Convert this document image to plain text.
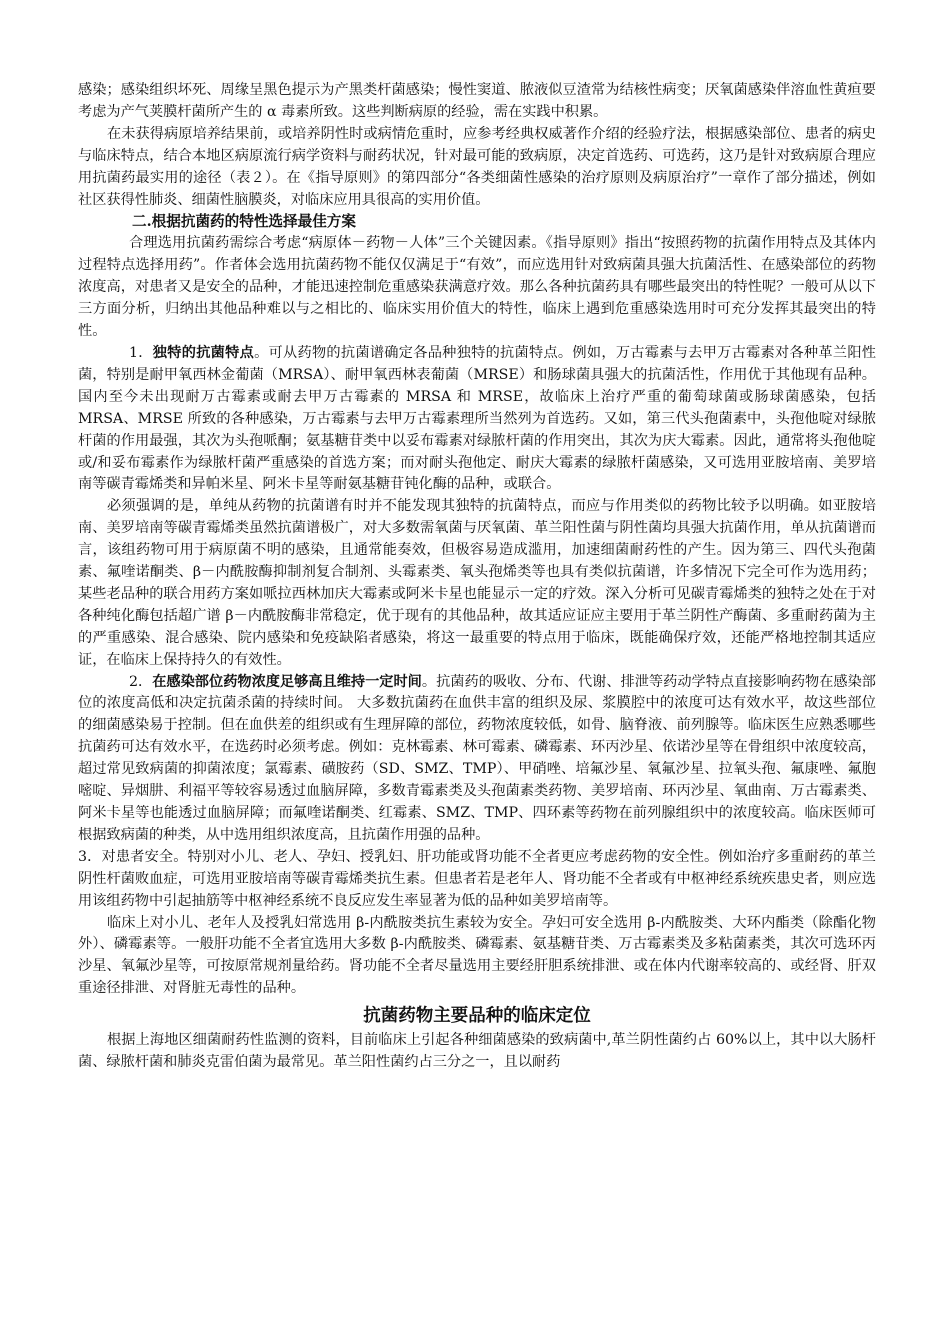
感染；感染组织坏死、周缘呈黑色提示为产黑类杆菌感染；慢性窦道、脓液似豆渣常为结核性病变；厌氧菌感染伴溶血性黄疸要考虑为产气荚膜杆菌所产生的 α 毒素所致。这些判断病原的经验，需在实践中积累。

在未获得病原培养结果前，或培养阴性时或病情危重时，应参考经典权威著作介绍的经验疗法，根据感染部位、患者的病史与临床特点，结合本地区病原流行病学资料与耐药状况，针对最可能的致病原，决定首选药、可选药，这乃是针对致病原合理应用抗菌药最实用的途径（表２）。在《指导原则》的第四部分“各类细菌性感染的治疗原则及病原治疗”一章作了部分描述，例如社区获得性肺炎、细菌性脑膜炎，对临床应用具很高的实用价值。

二.根据抗菌药的特性选择最佳方案

合理选用抗菌药需综合考虑“病原体－药物－人体”三个关键因素。《指导原则》指出“按照药物的抗菌作用特点及其体内过程特点选择用药”。作者体会选用抗菌药物不能仅仅满足于“有效”，而应选用针对致病菌具强大抗菌活性、在感染部位的药物浓度高，对患者又是安全的品种，才能迅速控制危重感染获满意疗效。那么各种抗菌药具有哪些最突出的特性呢？一般可从以下三方面分析，归纳出其他品种难以与之相比的、临床实用价值大的特性，临床上遇到危重感染选用时可充分发挥其最突出的特性。

1．独特的抗菌特点。可从药物的抗菌谱确定各品种独特的抗菌特点。例如，万古霉素与去甲万古霉素对各种革兰阳性菌，特别是耐甲氧西林金葡菌（MRSA）、耐甲氧西林表葡菌（MRSE）和肠球菌具强大的抗菌活性，作用优于其他现有品种。国内至今未出现耐万古霉素或耐去甲万古霉素的 MRSA 和 MRSE，故临床上治疗严重的葡萄球菌或肠球菌感染，包括 MRSA、MRSE 所致的各种感染，万古霉素与去甲万古霉素理所当然列为首选药。又如，第三代头孢菌素中，头孢他啶对绿脓杆菌的作用最强，其次为头孢哌酮；氨基糖苷类中以妥布霉素对绿脓杆菌的作用突出，其次为庆大霉素。因此，通常将头孢他啶或/和妥布霉素作为绿脓杆菌严重感染的首选方案；而对耐头孢他定、耐庆大霉素的绿脓杆菌感染，又可选用亚胺培南、美罗培南等碳青霉烯类和异帕米星、阿米卡星等耐氨基糖苷钝化酶的品种，或联合。

必须强调的是，单纯从药物的抗菌谱有时并不能发现其独特的抗菌特点，而应与作用类似的药物比较予以明确。如亚胺培南、美罗培南等碳青霉烯类虽然抗菌谱极广，对大多数需氧菌与厌氧菌、革兰阳性菌与阴性菌均具强大抗菌作用，单从抗菌谱而言，该组药物可用于病原菌不明的感染，且通常能奏效，但极容易造成滥用，加速细菌耐药性的产生。因为第三、四代头孢菌素、氟喹诺酮类、β－内酰胺酶抑制剂复合制剂、头霉素类、氧头孢烯类等也具有类似抗菌谱，许多情况下完全可作为选用药；某些老品种的联合用药方案如哌拉西林加庆大霉素或阿米卡星也能显示一定的疗效。深入分析可见碳青霉烯类的独特之处在于对各种纯化酶包括超广谱 β－内酰胺酶非常稳定，优于现有的其他品种，故其适应证应主要用于革兰阴性产酶菌、多重耐药菌为主的严重感染、混合感染、院内感染和免疫缺陷者感染，将这一最重要的特点用于临床，既能确保疗效，还能严格地控制其适应证，在临床上保持持久的有效性。

2．在感染部位药物浓度足够高且维持一定时间。抗菌药的吸收、分布、代谢、排泄等药动学特点直接影响药物在感染部位的浓度高低和决定抗菌杀菌的持续时间。 大多数抗菌药在血供丰富的组织及尿、浆膜腔中的浓度可达有效水平，故这些部位的细菌感染易于控制。但在血供差的组织或有生理屏障的部位，药物浓度较低，如骨、脑脊液、前列腺等。临床医生应熟悉哪些抗菌药可达有效水平，在选药时必须考虑。例如：克林霉素、林可霉素、磷霉素、环丙沙星、依诺沙星等在骨组织中浓度较高，超过常见致病菌的抑菌浓度；氯霉素、磺胺药（SD、SMZ、TMP）、甲硝唑、培氟沙星、氧氟沙星、拉氧头孢、氟康唑、氟胞嘧啶、异烟肼、利福平等较容易透过血脑屏障，多数青霉素类及头孢菌素类药物、美罗培南、环丙沙星、氧曲南、万古霉素类、阿米卡星等也能透过血脑屏障；而氟喹诺酮类、红霉素、SMZ、TMP、四环素等药物在前列腺组织中的浓度较高。临床医师可根据致病菌的种类，从中选用组织浓度高，且抗菌作用强的品种。

3．对患者安全。特别对小儿、老人、孕妇、授乳妇、肝功能或肾功能不全者更应考虑药物的安全性。例如治疗多重耐药的革兰阴性杆菌败血症，可选用亚胺培南等碳青霉烯类抗生素。但患者若是老年人、肾功能不全者或有中枢神经系统疾患史者，则应选用该组药物中引起抽筋等中枢神经系统不良反应发生率显著为低的品种如美罗培南等。

临床上对小儿、老年人及授乳妇常选用 β-内酰胺类抗生素较为安全。孕妇可安全选用 β-内酰胺类、大环内酯类（除酯化物外）、磷霉素等。一般肝功能不全者宜选用大多数 β-内酰胺类、磷霉素、氨基糖苷类、万古霉素类及多粘菌素类，其次可选环丙沙星、氧氟沙星等，可按原常规剂量给药。肾功能不全者尽量选用主要经肝胆系统排泄、或在体内代谢率较高的、或经肾、肝双重途径排泄、对肾脏无毒性的品种。

抗菌药物主要品种的临床定位

根据上海地区细菌耐药性监测的资料，目前临床上引起各种细菌感染的致病菌中,革兰阴性菌约占 60%以上，其中以大肠杆菌、绿脓杆菌和肺炎克雷伯菌为最常见。革兰阳性菌约占三分之一，且以耐药
